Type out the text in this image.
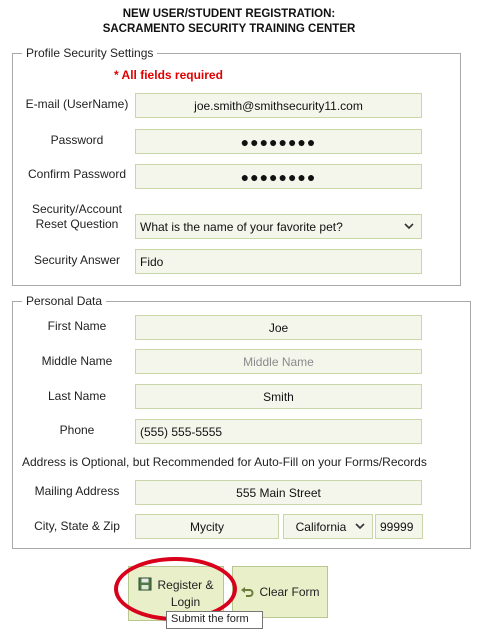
NEW USER/STUDENT REGISTRATION:
SACRAMENTO SECURITY TRAINING CENTER
Profile Security Settings
* All fields required
E-mail (UserName)
joe.smith@smithsecurity11.com
Password
●●●●●●●●
Confirm Password
●●●●●●●●
Security/Account
Reset Question	What is the name of your favorite pet?
Security Answer
Fido
Personal Data
First Name
Joe
Middle Name
Middle Name
Last Name
Smith
Phone
(555) 555-5555
Address is Optional, but Recommended for Auto-Fill on your Forms/Records
Mailing Address
555 Main Street
City, State & Zip
Mycity	California
99999
Register &
Login
Clear Form
Submit the form
